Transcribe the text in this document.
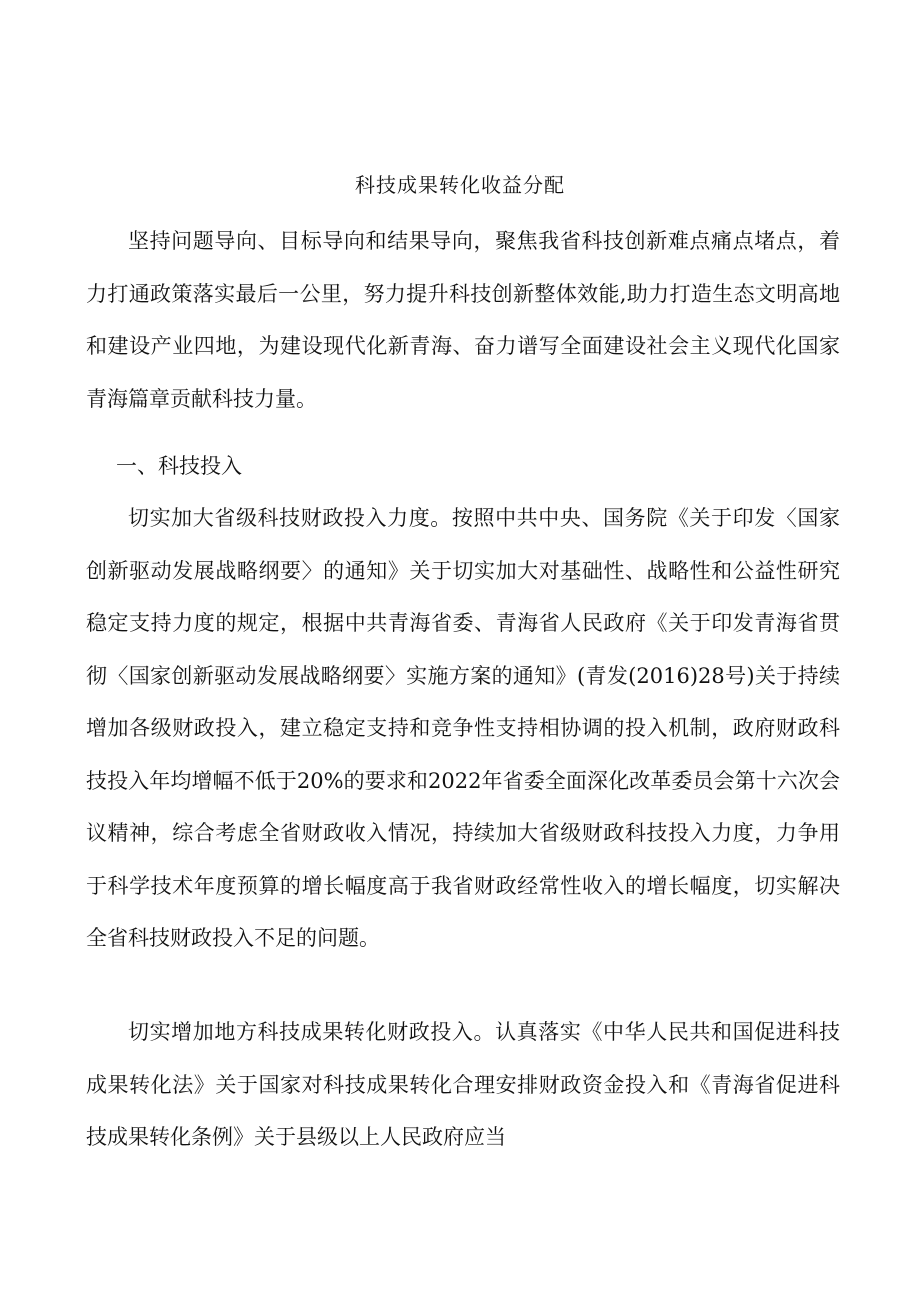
科技成果转化收益分配

坚持问题导向、目标导向和结果导向，聚焦我省科技创新难点痛点堵点，着力打通政策落实最后一公里，努力提升科技创新整体效能,助力打造生态文明高地和建设产业四地，为建设现代化新青海、奋力谱写全面建设社会主义现代化国家青海篇章贡献科技力量。

一、科技投入

切实加大省级科技财政投入力度。按照中共中央、国务院《关于印发〈国家创新驱动发展战略纲要〉的通知》关于切实加大对基础性、战略性和公益性研究稳定支持力度的规定，根据中共青海省委、青海省人民政府《关于印发青海省贯彻〈国家创新驱动发展战略纲要〉实施方案的通知》(青发(2016)28号)关于持续增加各级财政投入，建立稳定支持和竞争性支持相协调的投入机制，政府财政科技投入年均增幅不低于20%的要求和2022年省委全面深化改革委员会第十六次会议精神，综合考虑全省财政收入情况，持续加大省级财政科技投入力度，力争用于科学技术年度预算的增长幅度高于我省财政经常性收入的增长幅度，切实解决全省科技财政投入不足的问题。

切实增加地方科技成果转化财政投入。认真落实《中华人民共和国促进科技成果转化法》关于国家对科技成果转化合理安排财政资金投入和《青海省促进科技成果转化条例》关于县级以上人民政府应当
